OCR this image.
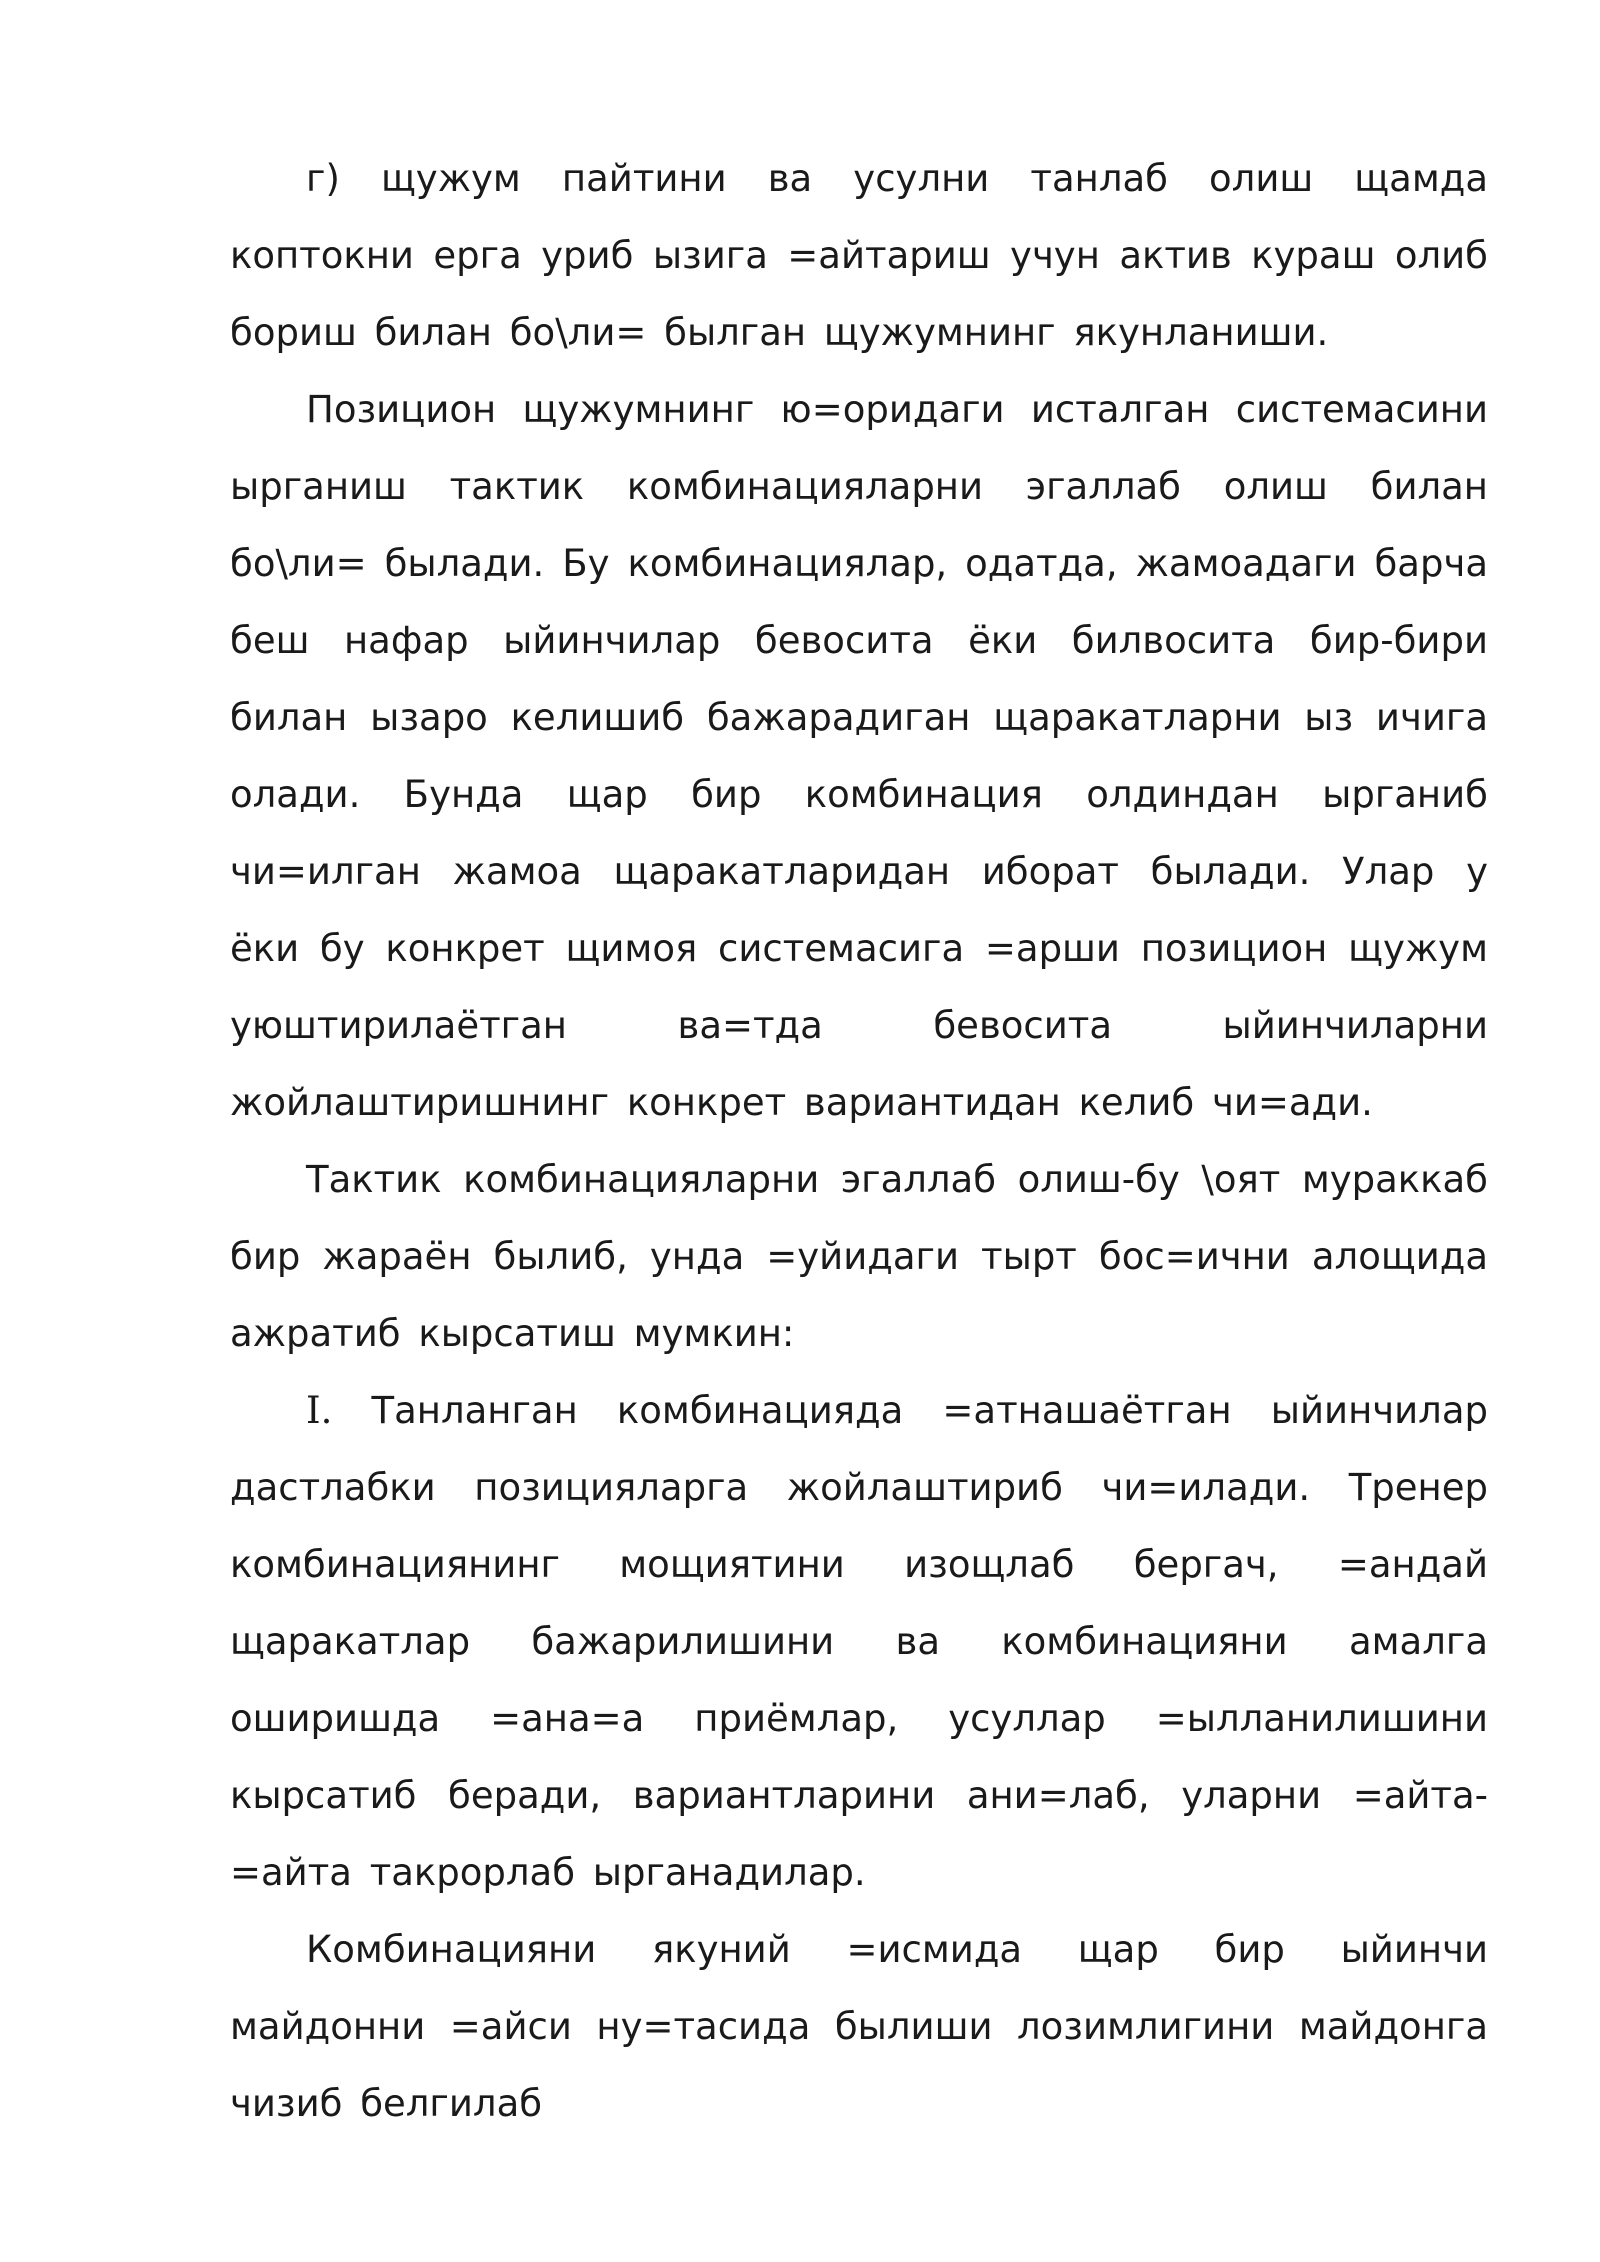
г) щужум пайтини ва усулни танлаб олиш щамда коптокни ерга уриб ызига =айтариш учун актив кураш олиб бориш билан бо\ли= былган щужумнинг якунланиши.

Позицион щужумнинг ю=оридаги исталган системасини ырганиш тактик комбинацияларни эгаллаб олиш билан бо\ли= былади. Бу комбинациялар, одатда, жамоадаги барча беш нафар ыйинчилар бевосита ёки билвосита бир-бири билан ызаро келишиб бажарадиган щаракатларни ыз ичига олади. Бунда щар бир комбинация олдиндан ырганиб чи=илган жамоа щаракатларидан иборат былади. Улар у ёки бу конкрет щимоя системасига =арши позицион щужум уюштирилаётган ва=тда бевосита ыйинчиларни жойлаштиришнинг конкрет вариантидан келиб чи=ади.

Тактик комбинацияларни эгаллаб олиш-бу \оят мураккаб бир жараён былиб, унда =уйидаги тырт бос=ични алощида ажратиб кырсатиш мумкин:

I. Танланган комбинацияда =атнашаётган ыйинчилар дастлабки позицияларга жойлаштириб чи=илади. Тренер комбинациянинг мощиятини изощлаб бергач, =андай щаракатлар бажарилишини ва комбинацияни амалга оширишда =ана=а приёмлар, усуллар =ылланилишини кырсатиб беради, вариантларини ани=лаб, уларни =айта-=айта такрорлаб ырганадилар.

Комбинацияни якуний =исмида щар бир ыйинчи майдонни =айси ну=тасида былиши лозимлигини майдонга чизиб белгилаб
